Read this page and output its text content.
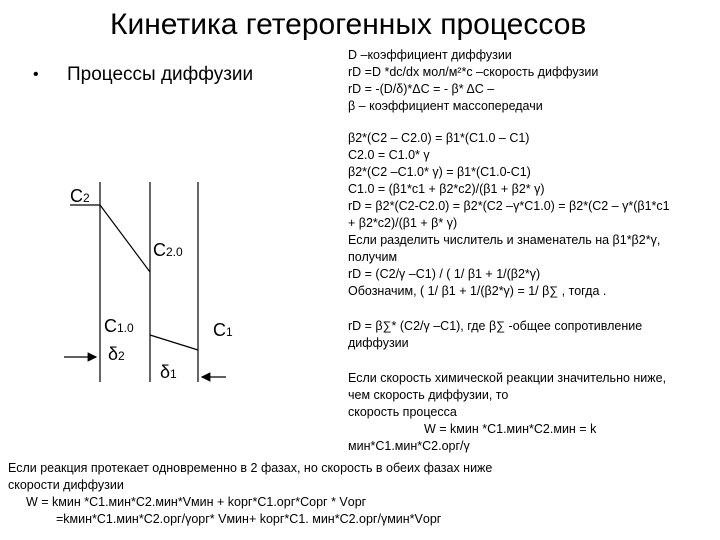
Кинетика гетерогенных процессов
• Процессы диффузии
D –коэффициент диффузии
rD =D *dc/dx мол/м²*с –скорость диффузии
rD = -(D/δ)*ΔC = - β* ΔC –
β – коэффициент массопередачи
β2*(C2 – C2.0) = β1*(C1.0 – C1)
C2.0 = C1.0* γ
β2*(C2 –C1.0* γ) = β1*(C1.0-C1)
C1.0 = (β1*c1 + β2*c2)/(β1 + β2* γ)
rD = β2*(C2-C2.0) = β2*(C2 –γ*C1.0) = β2*(C2 – γ*(β1*c1
+ β2*c2)/(β1 + β* γ)
Если разделить числитель и знаменатель на β1*β2*γ,
получим
rD = (C2/γ –C1) / ( 1/ β1 + 1/(β2*γ)
Обозначим, ( 1/ β1 + 1/(β2*γ) = 1/ β∑ , тогда .
rD = β∑* (C2/γ –C1), где β∑ -общее сопротивление
диффузии
Если скорость химической реакции значительно ниже,
чем скорость диффузии, то
скорость процесса
W = kмин *C1.мин*C2.мин = k
мин*C1.мин*C2.орг/γ
Если реакция протекает одновременно в 2 фазах, но скорость в обеих фазах ниже
скорости диффузии
W = kмин *C1.мин*C2.мин*Vмин + kорг*C1.орг*Cорг * Vорг
=kмин*C1.мин*C2.орг/γорг* Vмин+ kорг*C1. мин*C2.орг/γмин*Vорг
C2
C2.0
C1.0	C1
δ2
δ1
